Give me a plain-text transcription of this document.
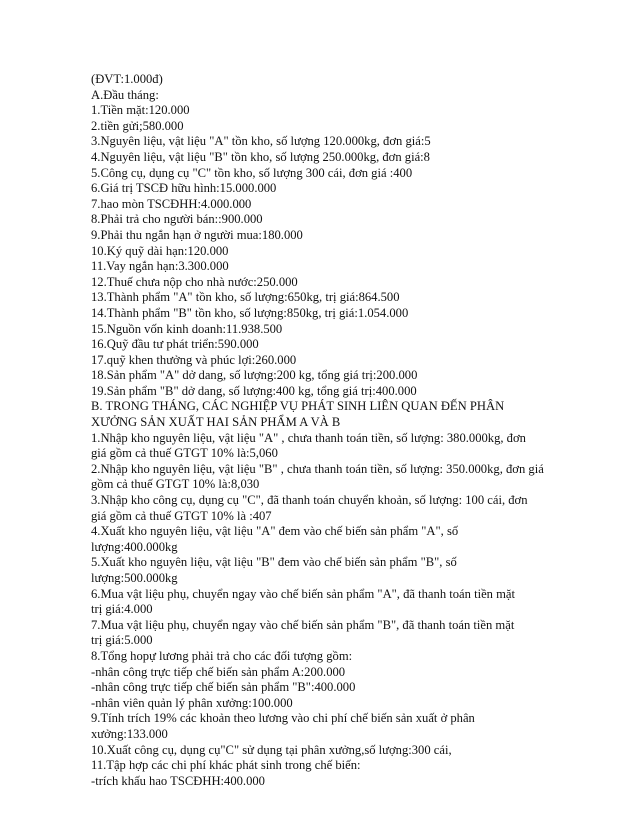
(ĐVT:1.000đ)
A.Đầu tháng:
1.Tiền mặt:120.000
2.tiền gửi;580.000
3.Nguyên liệu, vật liệu "A" tồn kho, số lượng 120.000kg, đơn giá:5
4.Nguyên liệu, vật liệu "B" tồn kho, số lượng 250.000kg, đơn giá:8
5.Công cụ, dụng cụ "C" tồn kho, số lượng 300 cái, đơn giá :400
6.Giá trị TSCĐ hữu hình:15.000.000
7.hao mòn TSCĐHH:4.000.000
8.Phải trả cho người bán::900.000
9.Phải thu ngắn hạn ở người mua:180.000
10.Ký quỹ dài hạn:120.000
11.Vay ngắn hạn:3.300.000
12.Thuế chưa nộp cho nhà nước:250.000
13.Thành phẩm "A" tồn kho, số lượng:650kg, trị giá:864.500
14.Thành phẩm "B" tồn kho, số lượng:850kg, trị giá:1.054.000
15.Nguồn vốn kinh doanh:11.938.500
16.Quỹ đầu tư phát triển:590.000
17.quỹ khen thưởng và phúc lợi:260.000
18.Sản phẩm "A" dở dang, số lượng:200 kg, tổng giá trị:200.000
19.Sản phẩm "B" dở dang, số lượng:400 kg, tổng giá trị:400.000
B. TRONG THÁNG, CÁC NGHIỆP VỤ PHÁT SINH LIÊN QUAN ĐẾN PHÂN
XƯỞNG SẢN XUẤT HAI SẢN PHẨM A VÀ B
1.Nhập kho nguyên liệu, vật liệu "A" , chưa thanh toán tiền, số lượng: 380.000kg, đơn
giá gồm cả thuế GTGT 10% là:5,060
2.Nhập kho nguyên liệu, vật liệu "B" , chưa thanh toán tiền, số lượng: 350.000kg, đơn giá
gồm cả thuế GTGT 10% là:8,030
3.Nhập kho công cụ, dụng cụ "C", đã thanh toán chuyển khoản, số lượng: 100 cái, đơn
giá gồm cả thuế GTGT 10% là :407
4.Xuất kho nguyên liệu, vật liệu "A" đem vào chế biến sản phẩm "A", số
lượng:400.000kg
5.Xuất kho nguyên liệu, vật liệu "B" đem vào chế biến sản phẩm "B", số
lượng:500.000kg
6.Mua vật liệu phụ, chuyển ngay vào chế biến sản phẩm "A", đã thanh toán tiền mặt
trị giá:4.000
7.Mua vật liệu phụ, chuyển ngay vào chế biến sản phẩm "B", đã thanh toán tiền mặt
trị giá:5.000
8.Tổng hopự lương phải trả cho các đối tượng gồm:
-nhân công trực tiếp chế biến sản phẩm A:200.000
-nhân công trực tiếp chế biến sản phẩm "B":400.000
-nhân viên quản lý phân xưởng:100.000
9.Tính trích 19% các khoản theo lương vào chi phí chế biến sản xuất ở phân
xưởng:133.000
10.Xuất công cụ, dụng cụ"C" sử dụng tại phân xưởng,số lượng:300 cái,
11.Tập hợp các chi phí khác phát sinh trong chế biến:
-trích khấu hao TSCĐHH:400.000
